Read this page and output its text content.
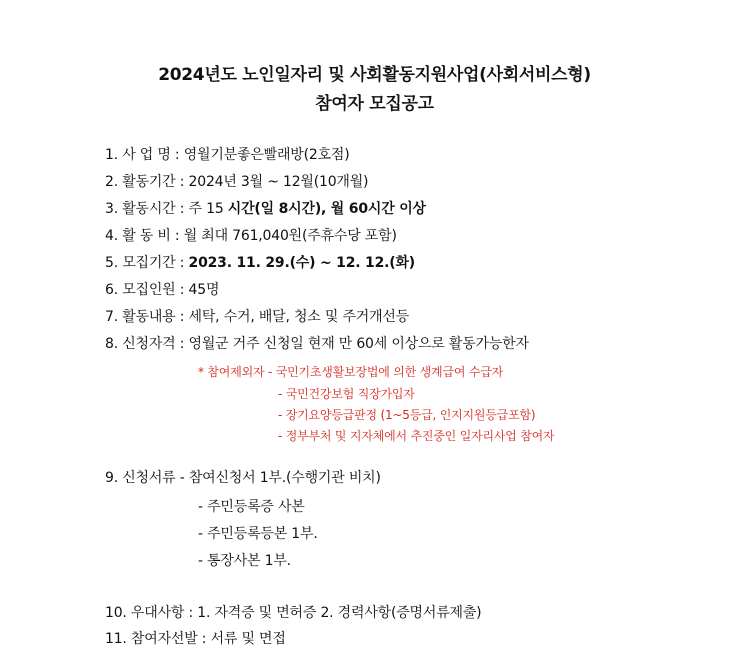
2024년도 노인일자리 및 사회활동지원사업(사회서비스형)
참여자 모집공고
1. 사 업 명 : 영월기분좋은빨래방(2호점)
2. 활동기간 : 2024년 3월 ~ 12월(10개월)
3. 활동시간 : 주 15 시간(일 8시간), 월 60시간 이상
4. 활 동 비 : 월 최대 761,040원(주휴수당 포함)
5. 모집기간 : 2023. 11. 29.(수) ~ 12. 12.(화)
6. 모집인원 : 45명
7. 활동내용 : 세탁, 수거, 배달, 청소 및 주거개선등
8. 신청자격 : 영월군 거주 신청일 현재 만 60세 이상으로 활동가능한자
* 참여제외자 - 국민기초생활보장법에 의한 생계급여 수급자
- 국민건강보험 직장가입자
- 장기요양등급판정 (1~5등급, 인지지원등급포함)
- 정부부처 및 지자체에서 추진중인 일자리사업 참여자
9. 신청서류 - 참여신청서 1부.(수행기관 비치)
- 주민등록증 사본
- 주민등록등본 1부.
- 통장사본 1부.
10. 우대사항 : 1. 자격증 및 면허증 2. 경력사항(증명서류제출)
11. 참여자선발 : 서류 및 면접
